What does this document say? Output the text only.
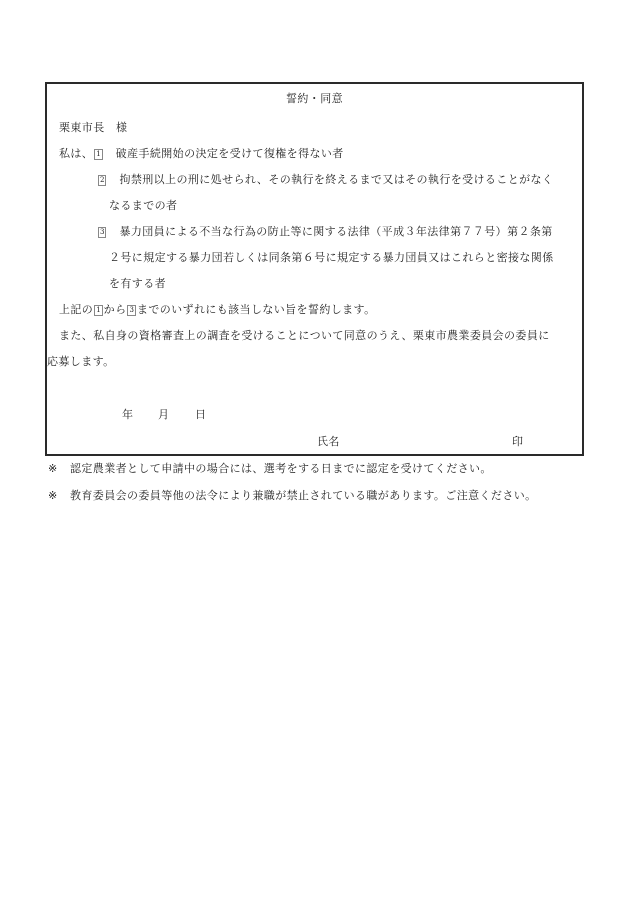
誓約・同意
栗東市長　様
私は、 1 破産手続開始の決定を受けて復権を得ない者
2 拘禁刑以上の刑に処せられ、その執行を終えるまで又はその執行を受けることがなく
なるまでの者
3 暴力団員による不当な行為の防止等に関する法律（平成３年法律第７７号）第２条第
２号に規定する暴力団若しくは同条第６号に規定する暴力団員又はこれらと密接な関係
を有する者
上記の 1 から 3 までのいずれにも該当しない旨を誓約します。
また、私自身の資格審査上の調査を受けることについて同意のうえ、栗東市農業委員会の委員に
応募します。
年 月 日
氏名	印
※ 認定農業者として申請中の場合には、選考をする日までに認定を受けてください。
※ 教育委員会の委員等他の法令により兼職が禁止されている職があります。ご注意ください。
